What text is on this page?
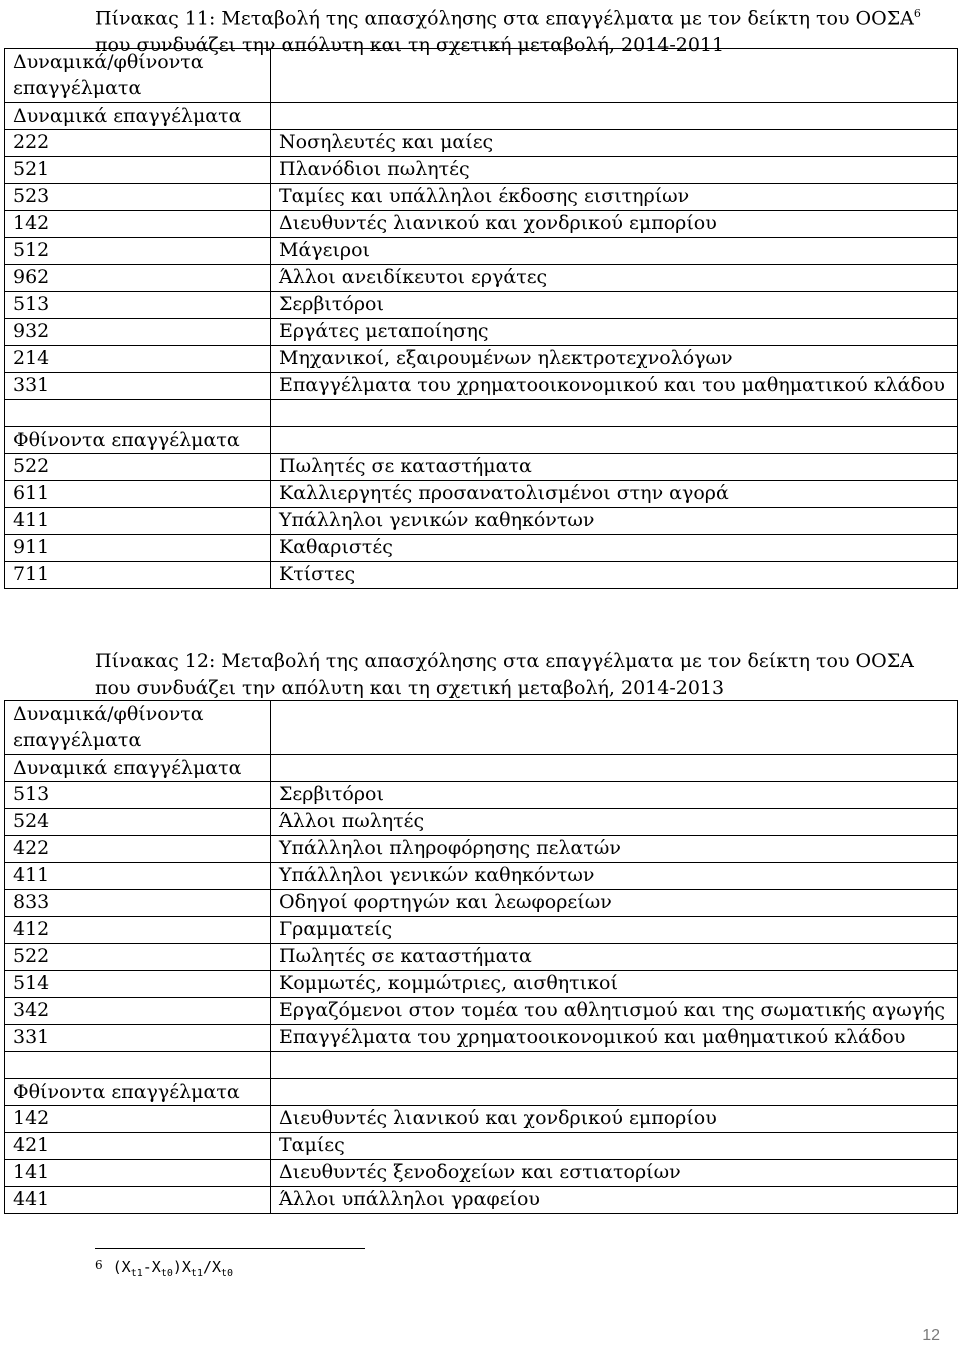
Πίνακας 11: Μεταβολή της απασχόλησης στα επαγγέλματα με τον δείκτη του ΟΟΣΑ$^6$
που συνδυάζει την απόλυτη και τη σχετική μεταβολή, 2014-2011
Δυναμικά/φθίνοντα επαγγέλματα	
Δυναμικά επαγγέλματα	
222	Νοσηλευτές και μαίες
521	Πλανόδιοι πωλητές
523	Ταμίες και υπάλληλοι έκδοσης εισιτηρίων
142	Διευθυντές λιανικού και χονδρικού εμπορίου
512	Μάγειροι
962	Άλλοι ανειδίκευτοι εργάτες
513	Σερβιτόροι
932	Εργάτες μεταποίησης
214	Μηχανικοί, εξαιρουμένων ηλεκτροτεχνολόγων
331	Επαγγέλματα του χρηματοοικονομικού και του μαθηματικού κλάδου

Φθίνοντα επαγγέλματα	
522	Πωλητές σε καταστήματα
611	Καλλιεργητές προσανατολισμένοι στην αγορά
411	Υπάλληλοι γενικών καθηκόντων
911	Καθαριστές
711	Κτίστες
Πίνακας 12: Μεταβολή της απασχόλησης στα επαγγέλματα με τον δείκτη του ΟΟΣΑ
που συνδυάζει την απόλυτη και τη σχετική μεταβολή, 2014-2013
Δυναμικά/φθίνοντα επαγγέλματα	
Δυναμικά επαγγέλματα	
513	Σερβιτόροι
524	Άλλοι πωλητές
422	Υπάλληλοι πληροφόρησης πελατών
411	Υπάλληλοι γενικών καθηκόντων
833	Οδηγοί φορτηγών και λεωφορείων
412	Γραμματείς
522	Πωλητές σε καταστήματα
514	Κομμωτές, κομμώτριες, αισθητικοί
342	Εργαζόμενοι στον τομέα του αθλητισμού και της σωματικής αγωγής
331	Επαγγέλματα του χρηματοοικονομικού και μαθηματικού κλάδου

Φθίνοντα επαγγέλματα	
142	Διευθυντές λιανικού και χονδρικού εμπορίου
421	Ταμίες
141	Διευθυντές ξενοδοχείων και εστιατορίων
441	Άλλοι υπάλληλοι γραφείου
$^6$ $(X_{t1}-X_{t0})X_{t1}/X_{t0}$
12
